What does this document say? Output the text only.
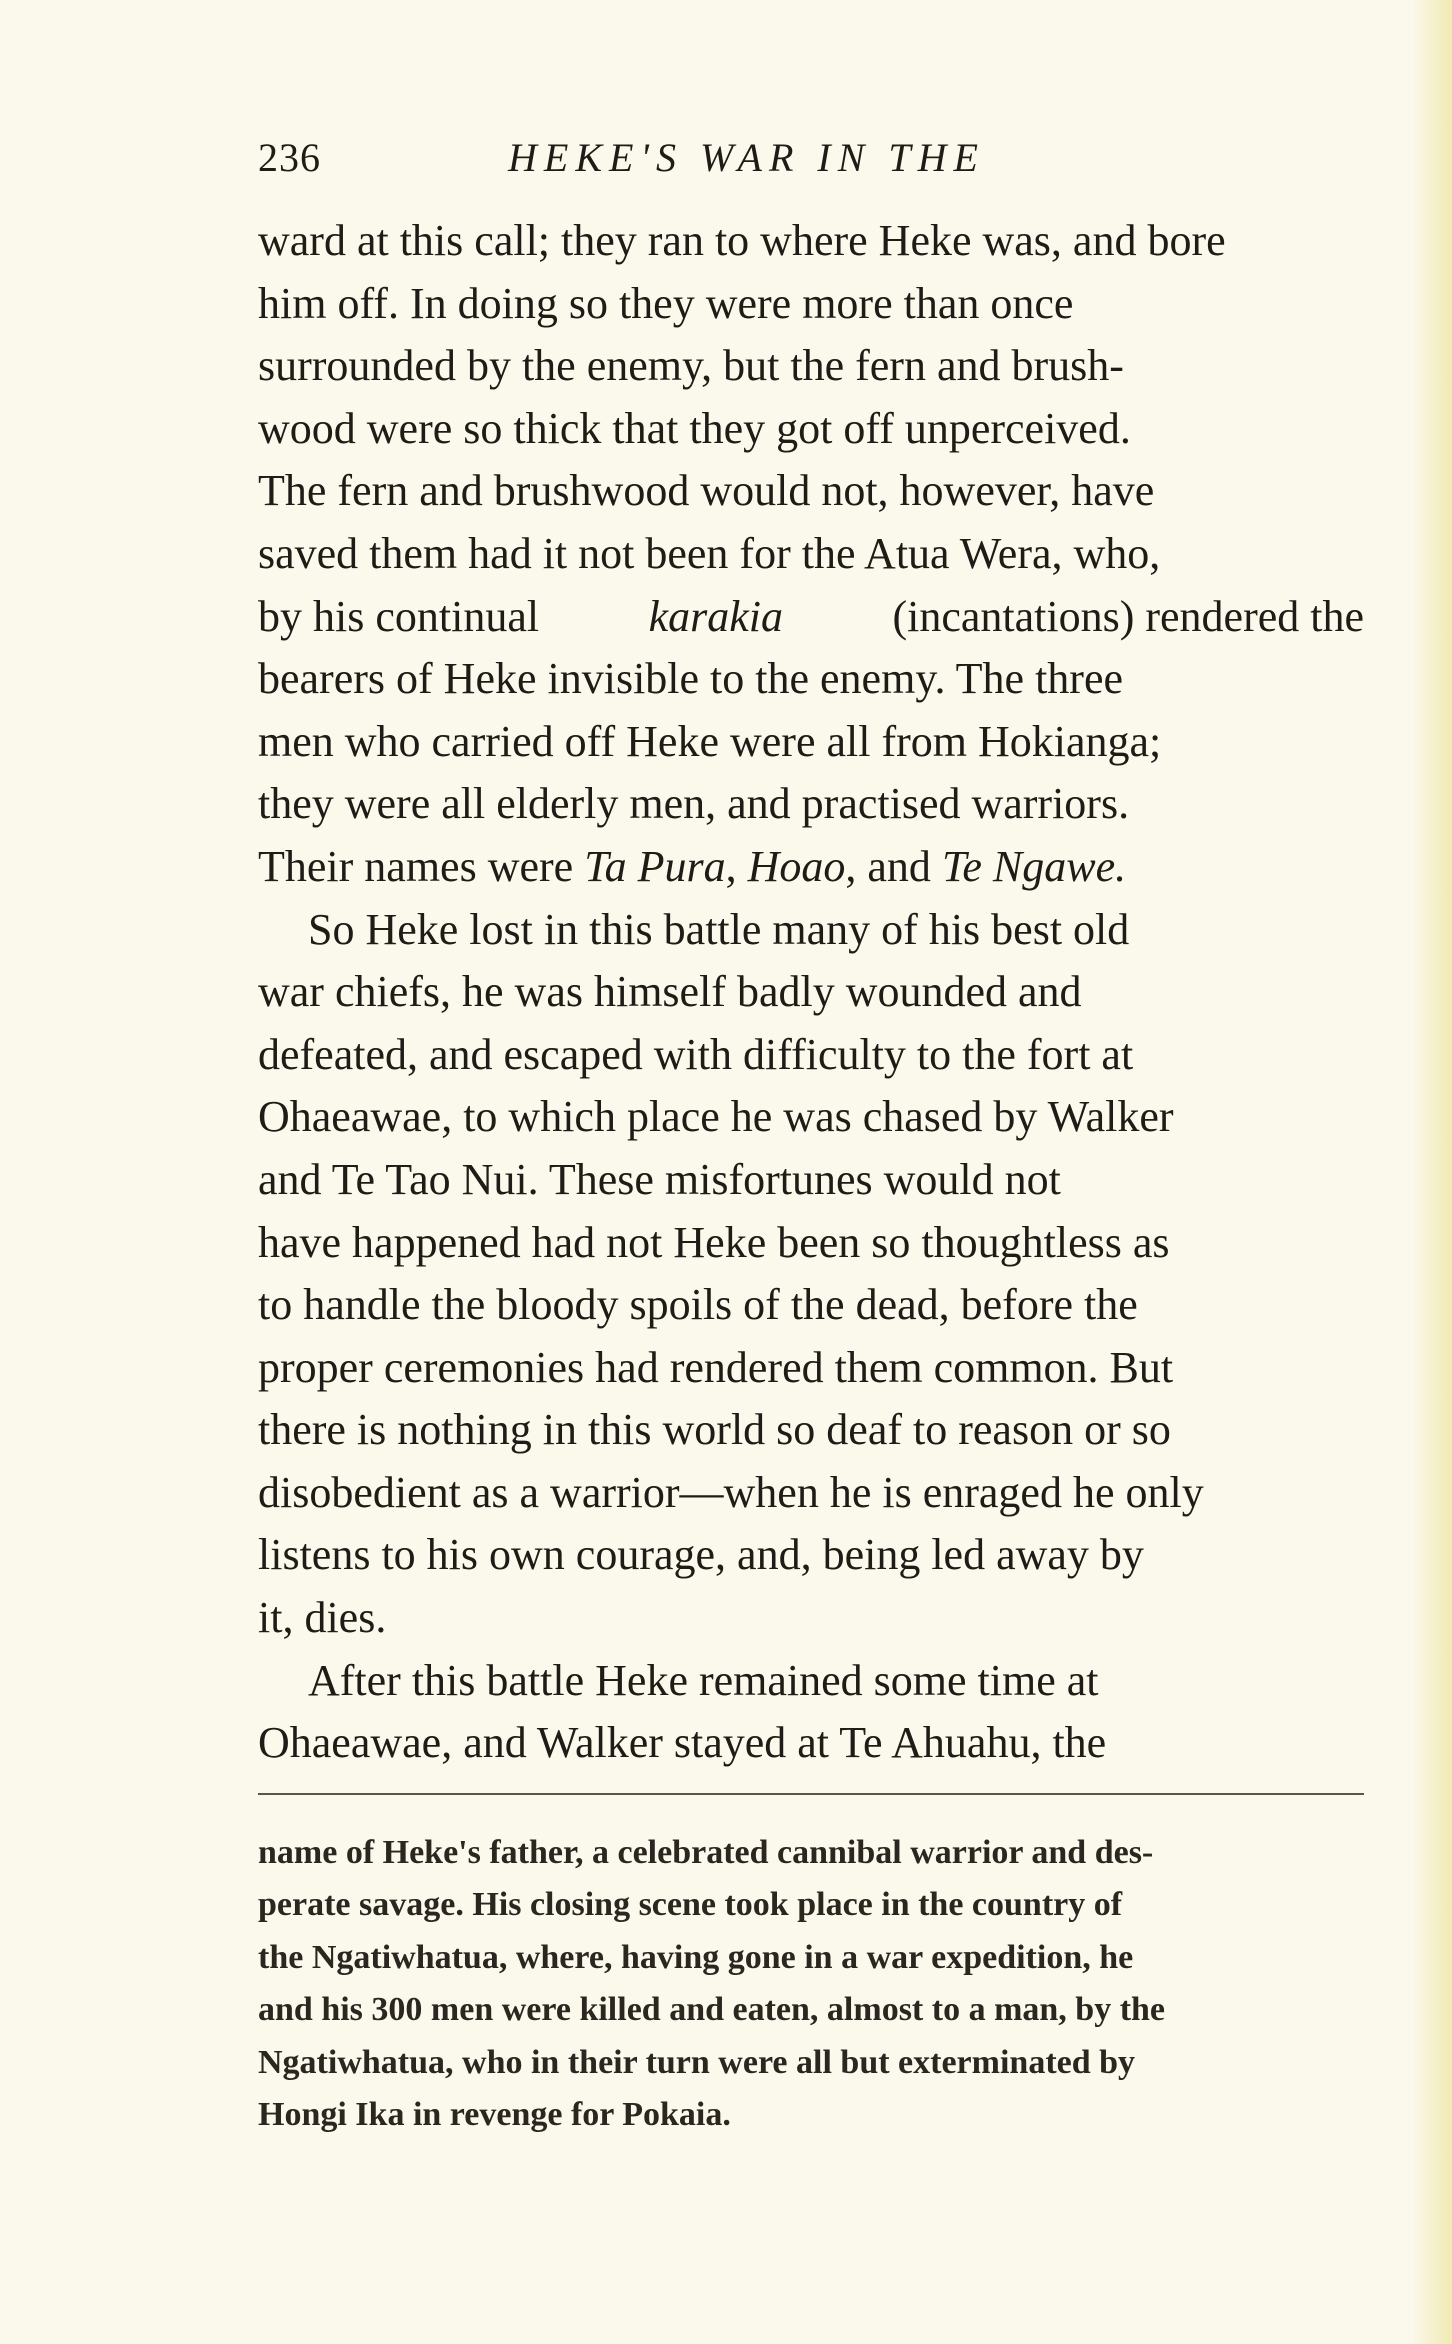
236	HEKE'S WAR IN THE
ward at this call; they ran to where Heke was, and bore
him off. In doing so they were more than once
surrounded by the enemy, but the fern and brush-
wood were so thick that they got off unperceived.
The fern and brushwood would not, however, have
saved them had it not been for the Atua Wera, who,
by his continual karakia (incantations) rendered the
bearers of Heke invisible to the enemy. The three
men who carried off Heke were all from Hokianga;
they were all elderly men, and practised warriors.
Their names were Ta Pura , Hoao , and Te Ngawe.
So Heke lost in this battle many of his best old
war chiefs, he was himself badly wounded and
defeated, and escaped with difficulty to the fort at
Ohaeawae, to which place he was chased by Walker
and Te Tao Nui. These misfortunes would not
have happened had not Heke been so thoughtless as
to handle the bloody spoils of the dead, before the
proper ceremonies had rendered them common. But
there is nothing in this world so deaf to reason or so
disobedient as a warrior—when he is enraged he only
listens to his own courage, and, being led away by
it, dies.
After this battle Heke remained some time at
Ohaeawae, and Walker stayed at Te Ahuahu, the
name of Heke's father, a celebrated cannibal warrior and des-
perate savage. His closing scene took place in the country of
the Ngatiwhatua, where, having gone in a war expedition, he
and his 300 men were killed and eaten, almost to a man, by the
Ngatiwhatua, who in their turn were all but exterminated by
Hongi Ika in revenge for Pokaia.
